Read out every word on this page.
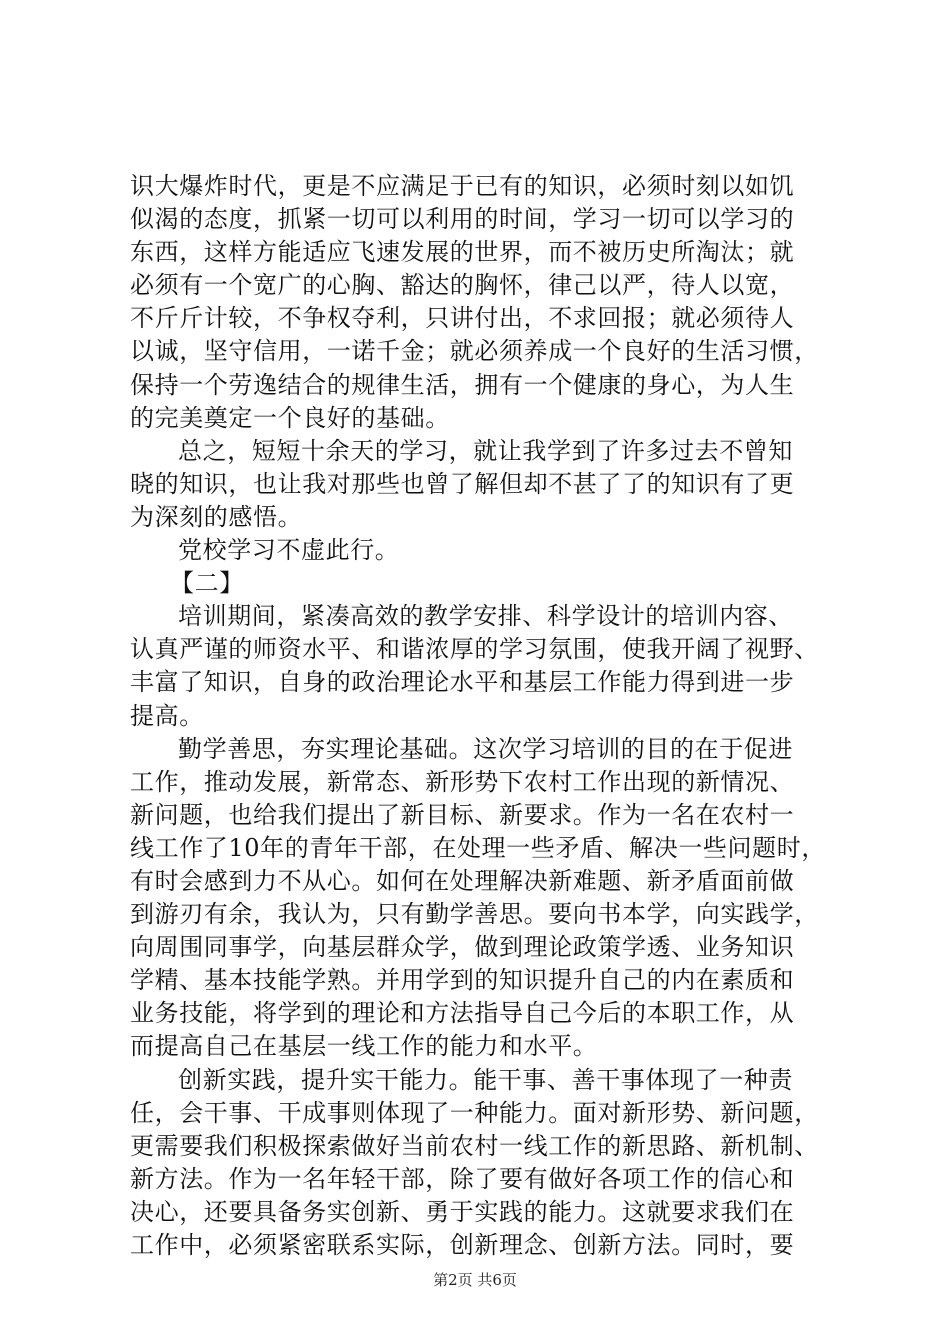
识大爆炸时代，更是不应满足于已有的知识，必须时刻以如饥
似渴的态度，抓紧一切可以利用的时间，学习一切可以学习的
东西，这样方能适应飞速发展的世界，而不被历史所淘汰；就
必须有一个宽广的心胸、豁达的胸怀，律己以严，待人以宽，
不斤斤计较，不争权夺利，只讲付出，不求回报；就必须待人
以诚，坚守信用，一诺千金；就必须养成一个良好的生活习惯，
保持一个劳逸结合的规律生活，拥有一个健康的身心，为人生
的完美奠定一个良好的基础。
总之，短短十余天的学习，就让我学到了许多过去不曾知
晓的知识，也让我对那些也曾了解但却不甚了了的知识有了更
为深刻的感悟。
党校学习不虚此行。
【二】
培训期间，紧凑高效的教学安排、科学设计的培训内容、
认真严谨的师资水平、和谐浓厚的学习氛围，使我开阔了视野、
丰富了知识，自身的政治理论水平和基层工作能力得到进一步
提高。
勤学善思，夯实理论基础。这次学习培训的目的在于促进
工作，推动发展，新常态、新形势下农村工作出现的新情况、
新问题，也给我们提出了新目标、新要求。作为一名在农村一
线工作了10年的青年干部，在处理一些矛盾、解决一些问题时，
有时会感到力不从心。如何在处理解决新难题、新矛盾面前做
到游刃有余，我认为，只有勤学善思。要向书本学，向实践学，
向周围同事学，向基层群众学，做到理论政策学透、业务知识
学精、基本技能学熟。并用学到的知识提升自己的内在素质和
业务技能，将学到的理论和方法指导自己今后的本职工作，从
而提高自己在基层一线工作的能力和水平。
创新实践，提升实干能力。能干事、善干事体现了一种责
任，会干事、干成事则体现了一种能力。面对新形势、新问题，
更需要我们积极探索做好当前农村一线工作的新思路、新机制、
新方法。作为一名年轻干部，除了要有做好各项工作的信心和
决心，还要具备务实创新、勇于实践的能力。这就要求我们在
工作中，必须紧密联系实际，创新理念、创新方法。同时，要
第2页 共6页
